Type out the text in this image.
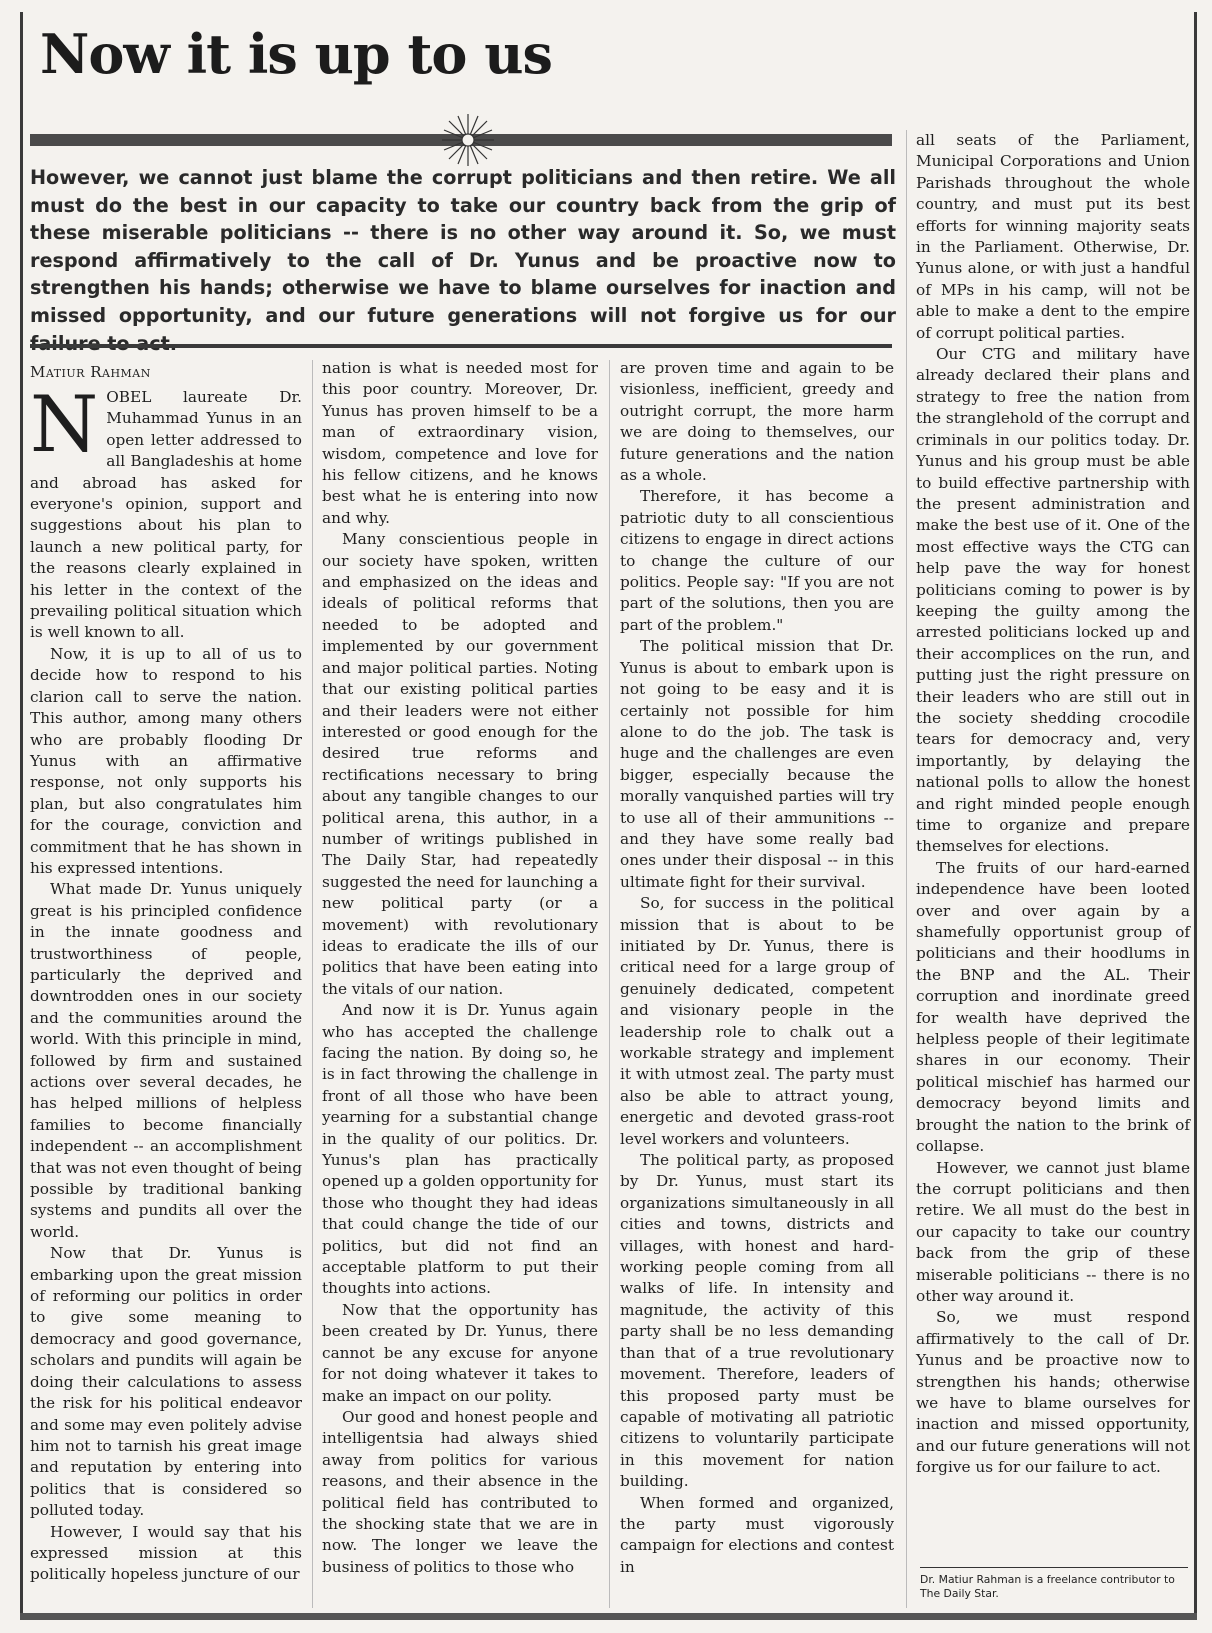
Now it is up to us
However, we cannot just blame the corrupt politicians and then retire. We all must do the best in our capacity to take our country back from the grip of these miserable politicians -- there is no other way around it. So, we must respond affirmatively to the call of Dr. Yunus and be proactive now to strengthen his hands; otherwise we have to blame ourselves for inaction and missed opportunity, and our future generations will not forgive us for our
Matiur Rahman

NOBEL laureate Dr. Muhammad Yunus in an open letter addressed to all Bangladeshis at home and abroad has asked for everyone's opinion, support and suggestions about his plan to launch a new political party, for the reasons clearly explained in his letter in the context of the prevailing political situation which is well known to all.

Now, it is up to all of us to decide how to respond to his clarion call to serve the nation. This author, among many others who are probably flooding Dr Yunus with an affirmative response, not only supports his plan, but also congratulates him for the courage, conviction and commitment that he has shown in his expressed intentions.

What made Dr. Yunus uniquely great is his principled confidence in the innate goodness and trustworthiness of people, particularly the deprived and downtrodden ones in our society and the communities around the world. With this principle in mind, followed by firm and sustained actions over several decades, he has helped millions of helpless families to become financially independent -- an accomplishment that was not even thought of being possible by traditional banking systems and pundits all over the world.

Now that Dr. Yunus is embarking upon the great mission of reforming our politics in order to give some meaning to democracy and good governance, scholars and pundits will again be doing their calculations to assess the risk for his political endeavor and some may even politely advise him not to tarnish his great image and reputation by entering into politics that is considered so polluted today.

However, I would say that his expressed mission at this politically hopeless juncture of our

nation is what is needed most for this poor country. Moreover, Dr. Yunus has proven himself to be a man of extraordinary vision, wisdom, competence and love for his fellow citizens, and he knows best what he is entering into now and why.

Many conscientious people in our society have spoken, written and emphasized on the ideas and ideals of political reforms that needed to be adopted and implemented by our government and major political parties. Noting that our existing political parties and their leaders were not either interested or good enough for the desired true reforms and rectifications necessary to bring about any tangible changes to our political arena, this author, in a number of writings published in The Daily Star, had repeatedly suggested the need for launching a new political party (or a movement) with revolutionary ideas to eradicate the ills of our politics that have been eating into the vitals of our nation.

And now it is Dr. Yunus again who has accepted the challenge facing the nation. By doing so, he is in fact throwing the challenge in front of all those who have been yearning for a substantial change in the quality of our politics. Dr. Yunus's plan has practically opened up a golden opportunity for those who thought they had ideas that could change the tide of our politics, but did not find an acceptable platform to put their thoughts into actions.

Now that the opportunity has been created by Dr. Yunus, there cannot be any excuse for anyone for not doing whatever it takes to make an impact on our polity.

Our good and honest people and intelligentsia had always shied away from politics for various reasons, and their absence in the political field has contributed to the shocking state that we are in now. The longer we leave the business of politics to those who

are proven time and again to be visionless, inefficient, greedy and outright corrupt, the more harm we are doing to themselves, our future generations and the nation as a whole.

Therefore, it has become a patriotic duty to all conscientious citizens to engage in direct actions to change the culture of our politics. People say: "If you are not part of the solutions, then you are part of the problem."

The political mission that Dr. Yunus is about to embark upon is not going to be easy and it is certainly not possible for him alone to do the job. The task is huge and the challenges are even bigger, especially because the morally vanquished parties will try to use all of their ammunitions -- and they have some really bad ones under their disposal -- in this ultimate fight for their survival.

So, for success in the political mission that is about to be initiated by Dr. Yunus, there is critical need for a large group of genuinely dedicated, competent and visionary people in the leadership role to chalk out a workable strategy and implement it with utmost zeal. The party must also be able to attract young, energetic and devoted grass-root level workers and volunteers.

The political party, as proposed by Dr. Yunus, must start its organizations simultaneously in all cities and towns, districts and villages, with honest and hard-working people coming from all walks of life. In intensity and magnitude, the activity of this party shall be no less demanding than that of a true revolutionary movement. Therefore, leaders of this proposed party must be capable of motivating all patriotic citizens to voluntarily participate in this movement for nation building.

When formed and organized, the party must vigorously campaign for elections and contest in

all seats of the Parliament, Municipal Corporations and Union Parishads throughout the whole country, and must put its best efforts for winning majority seats in the Parliament. Otherwise, Dr. Yunus alone, or with just a handful of MPs in his camp, will not be able to make a dent to the empire of corrupt political parties.

Our CTG and military have already declared their plans and strategy to free the nation from the stranglehold of the corrupt and criminals in our politics today. Dr. Yunus and his group must be able to build effective partnership with the present administration and make the best use of it. One of the most effective ways the CTG can help pave the way for honest politicians coming to power is by keeping the guilty among the arrested politicians locked up and their accomplices on the run, and putting just the right pressure on their leaders who are still out in the society shedding crocodile tears for democracy and, very importantly, by delaying the national polls to allow the honest and right minded people enough time to organize and prepare themselves for elections.

The fruits of our hard-earned independence have been looted over and over again by a shamefully opportunist group of politicians and their hoodlums in the BNP and the AL. Their corruption and inordinate greed for wealth have deprived the helpless people of their legitimate shares in our economy. Their political mischief has harmed our democracy beyond limits and brought the nation to the brink of collapse.

However, we cannot just blame the corrupt politicians and then retire. We all must do the best in our capacity to take our country back from the grip of these miserable politicians -- there is no other way around it.

So, we must respond affirmatively to the call of Dr. Yunus and be proactive now to strengthen his hands; otherwise we have to blame ourselves for inaction and missed opportunity, and our future generations will not forgive us for our failure to act.

Dr. Matiur Rahman is a freelance contributor to The Daily Star.
